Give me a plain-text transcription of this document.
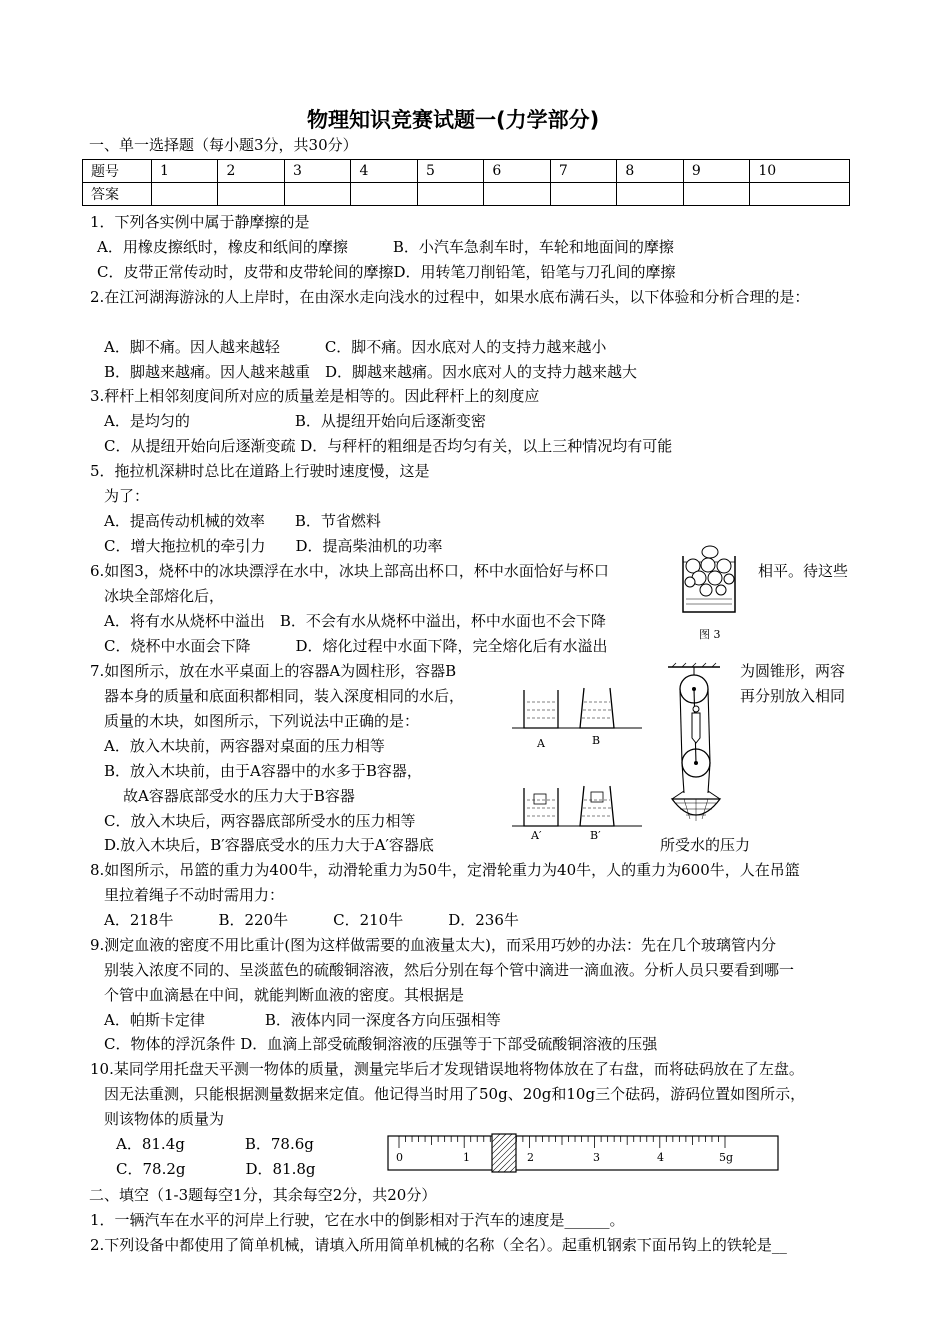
物理知识竞赛试题一(力学部分)
一、单一选择题（每小题3分，共30分）
题号	1	2	3	4	5	6	7	8	9	10
答案										
1．下列各实例中属于静摩擦的是
A．用橡皮擦纸时，橡皮和纸间的摩擦　　　B．小汽车急刹车时，车轮和地面间的摩擦
C．皮带正常传动时，皮带和皮带轮间的摩擦D．用转笔刀削铅笔，铅笔与刀孔间的摩擦
2.在江河湖海游泳的人上岸时，在由深水走向浅水的过程中，如果水底布满石头，以下体验和分析合理的是：
A．脚不痛。因人越来越轻　　　C．脚不痛。因水底对人的支持力越来越小
B．脚越来越痛。因人越来越重　D．脚越来越痛。因水底对人的支持力越来越大
3.秤杆上相邻刻度间所对应的质量差是相等的。因此秤杆上的刻度应
A．是均匀的　　　　　　　B．从提纽开始向后逐渐变密
C．从提纽开始向后逐渐变疏 D．与秤杆的粗细是否均匀有关，以上三种情况均有可能
5．拖拉机深耕时总比在道路上行驶时速度慢，这是
为了：
A．提高传动机械的效率　　B．节省燃料
C．增大拖拉机的牵引力　　D．提高柴油机的功率
6.如图3，烧杯中的冰块漂浮在水中，冰块上部高出杯口，杯中水面恰好与杯口	相平。待这些
冰块全部熔化后，
A．将有水从烧杯中溢出　B．不会有水从烧杯中溢出，杯中水面也不会下降
C．烧杯中水面会下降　　　D．熔化过程中水面下降，完全熔化后有水溢出
图 3
7.如图所示，放在水平桌面上的容器A为圆柱形，容器B	为圆锥形，两容
器本身的质量和底面积都相同，装入深度相同的水后，	再分别放入相同
质量的木块，如图所示，下列说法中正确的是：
A．放入木块前，两容器对桌面的压力相等
B．放入木块前，由于A容器中的水多于B容器，
故A容器底部受水的压力大于B容器
C．放入木块后，两容器底部所受水的压力相等
D.放入木块后，B′容器底受水的压力大于A′容器底	所受水的压力
A	B
A′	B′
8.如图所示，吊篮的重力为400牛，动滑轮重力为50牛，定滑轮重力为40牛，人的重力为600牛，人在吊篮
里拉着绳子不动时需用力：
A．218牛　　　B．220牛　　　C．210牛　　　D．236牛
9.测定血液的密度不用比重计(图为这样做需要的血液量太大)，而采用巧妙的办法：先在几个玻璃管内分
别装入浓度不同的、呈淡蓝色的硫酸铜溶液，然后分别在每个管中滴进一滴血液。分析人员只要看到哪一
个管中血滴悬在中间，就能判断血液的密度。其根据是
A．帕斯卡定律　　　　B．液体内同一深度各方向压强相等
C．物体的浮沉条件 D．血滴上部受硫酸铜溶液的压强等于下部受硫酸铜溶液的压强
10.某同学用托盘天平测一物体的质量，测量完毕后才发现错误地将物体放在了右盘，而将砝码放在了左盘。
因无法重测，只能根据测量数据来定值。他记得当时用了50g、20g和10g三个砝码，游码位置如图所示，
则该物体的质量为
A．81.4g　　　　B．78.6g
C．78.2g　　　　D．81.8g
0	1	2	3	4	5g
二、填空（1-3题每空1分，其余每空2分，共20分）
1．一辆汽车在水平的河岸上行驶，它在水中的倒影相对于汽车的速度是______。
2.下列设备中都使用了简单机械，请填入所用简单机械的名称（全名）。起重机钢索下面吊钩上的铁轮是__
